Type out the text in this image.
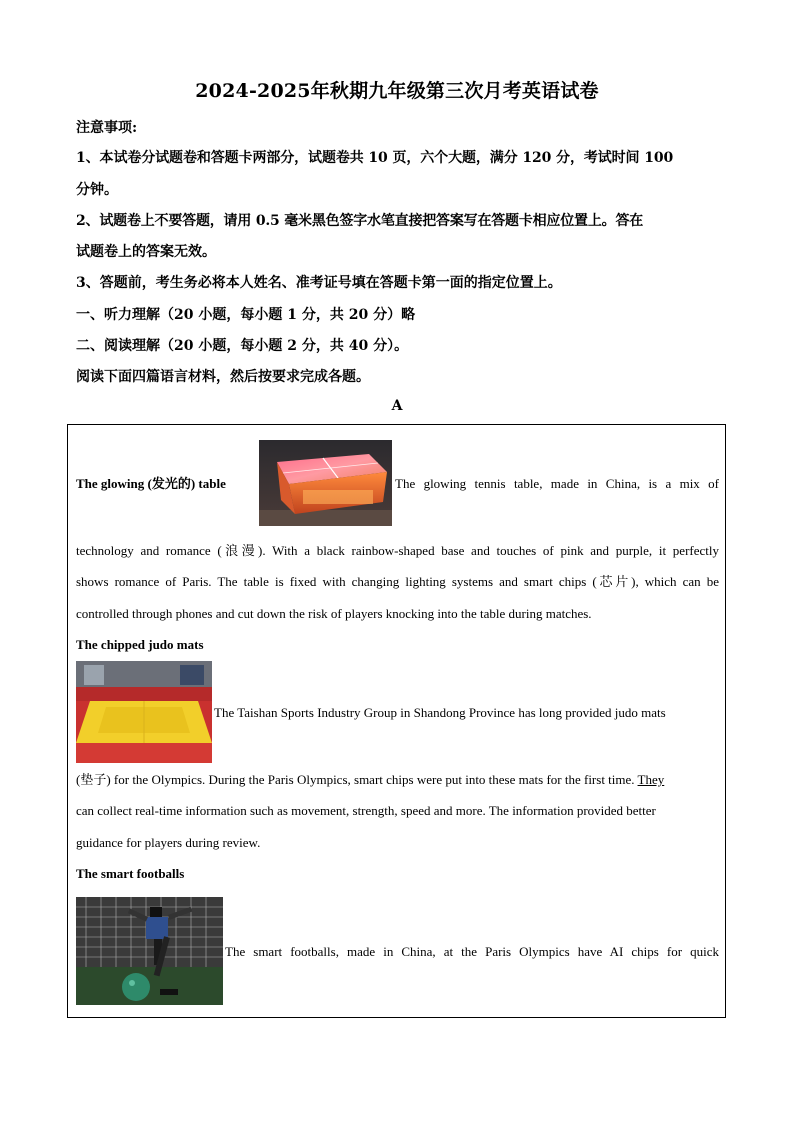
2024-2025年秋期九年级第三次月考英语试卷
注意事项:
1、本试卷分试题卷和答题卡两部分，试题卷共 10 页，六个大题，满分 120 分，考试时间 100
分钟。
2、试题卷上不要答题，请用 0.5 毫米黑色签字水笔直接把答案写在答题卡相应位置上。答在
试题卷上的答案无效。
3、答题前，考生务必将本人姓名、准考证号填在答题卡第一面的指定位置上。
一、听力理解（20 小题，每小题 1 分，共 20 分）略
二、阅读理解（20 小题，每小题 2 分，共 40 分）。
阅读下面四篇语言材料，然后按要求完成各题。
A
The glowing (发光的) table	The glowing tennis table, made in China, is a mix of
technology and romance (浪漫). With a black rainbow-shaped base and touches of pink and purple, it perfectly
shows romance of Paris. The table is fixed with changing lighting systems and smart chips (芯片), which can be
controlled through phones and cut down the risk of players knocking into the table during matches.
The chipped judo mats
The Taishan Sports Industry Group in Shandong Province has long provided judo mats
(垫子) for the Olympics. During the Paris Olympics, smart chips were put into these mats for the first time. They
can collect real-time information such as movement, strength, speed and more. The information provided better
guidance for players during review.
The smart footballs
The smart footballs, made in China, at the Paris Olympics have AI chips for quick
